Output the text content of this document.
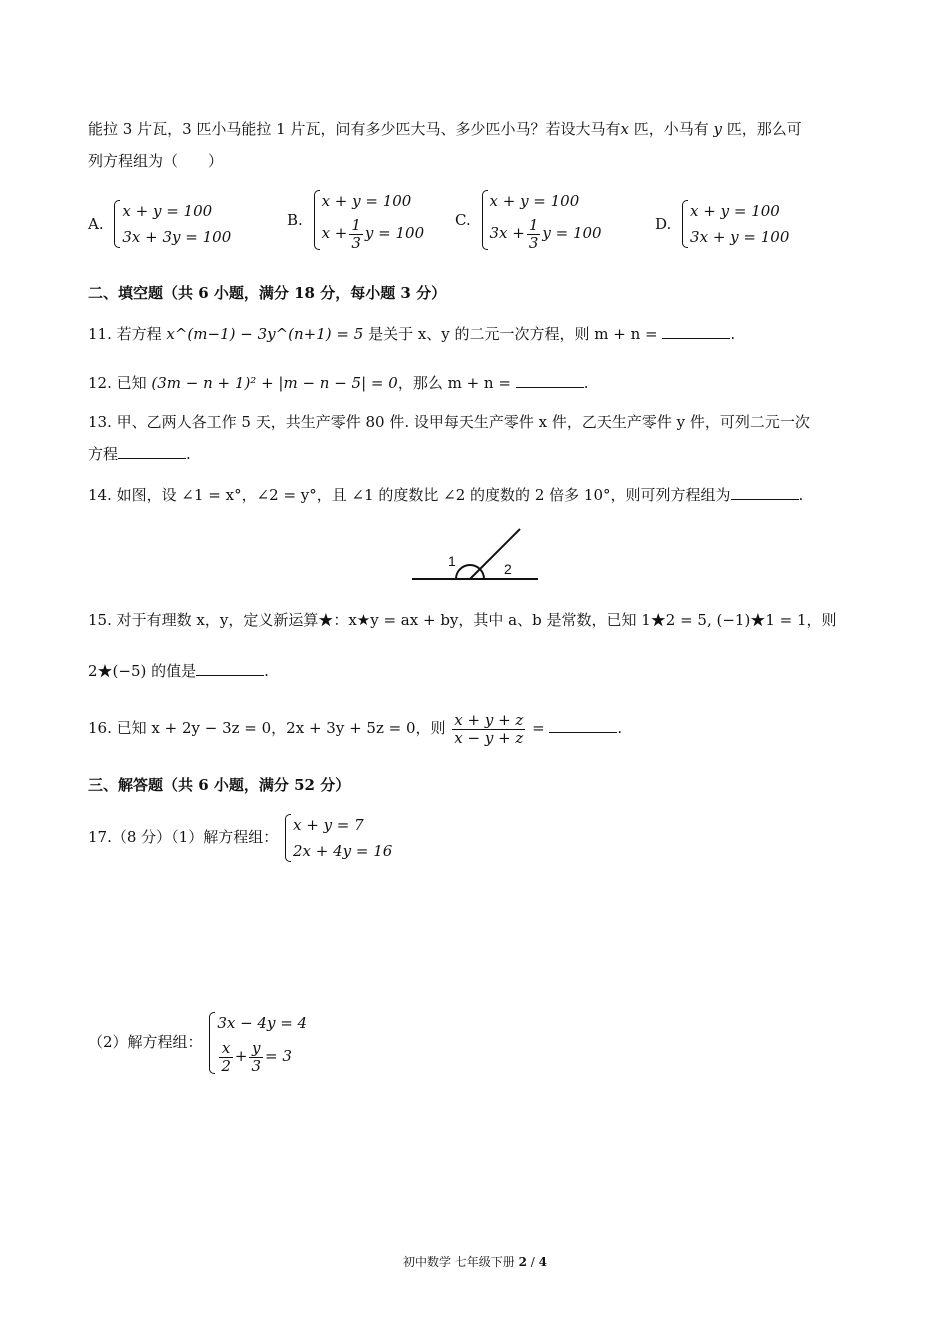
能拉 3 片瓦，3 匹小马能拉 1 片瓦，问有多少匹大马、多少匹小马？若设大马有x 匹，小马有 y 匹，那么可
列方程组为（　　）
A.
x + y = 100
3x + 3y = 100
B.
x + y = 100
$x + \frac{1}{3}$ y = 100
C.
x + y = 100
$3x + \frac{1}{3}$ y = 100	D.
x + y = 100
3x + y = 100
二、填空题（共 6 小题，满分 18 分，每小题 3 分）
11. 若方程 x^(m−1) − 3y^(n+1) = 5 是关于 x、y 的二元一次方程，则 m + n =	.
12. 已知 (3m − n + 1)² + |m − n − 5| = 0，那么 m + n =	.
13. 甲、乙两人各工作 5 天，共生产零件 80 件. 设甲每天生产零件 x 件，乙天生产零件 y 件，可列二元一次
方程	.
14. 如图，设 ∠1 = x°，∠2 = y°，且 ∠1 的度数比 ∠2 的度数的 2 倍多 10°，则可列方程组为	.
1	2
15. 对于有理数 x，y，定义新运算★：x★y = ax + by，其中 a、b 是常数，已知 1★2 = 5, (−1)★1 = 1，则
2★(−5) 的值是	.
16. 已知 x + 2y − 3z = 0，2x + 3y + 5z = 0，则 $\frac{x + y + z}{x - y + z}$ =	.
三、解答题（共 6 小题，满分 52 分）
17.（8 分）（1）解方程组：
x + y = 7
2x + 4y = 16
（2）解方程组：
3x − 4y = 4
$\frac{x}{2} + \frac{y}{3} = 3$
初中数学 七年级下册 2 / 4
